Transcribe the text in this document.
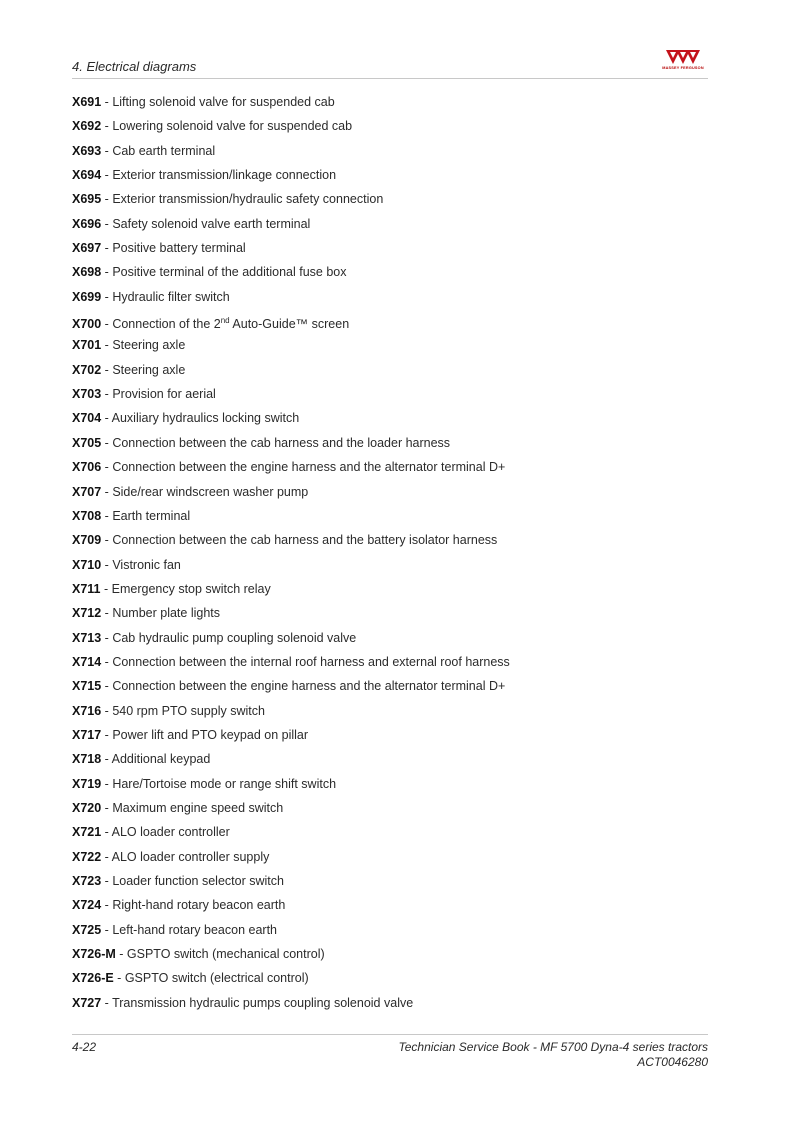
4. Electrical diagrams	MASSEY FERGUSON
X691 - Lifting solenoid valve for suspended cab
X692 - Lowering solenoid valve for suspended cab
X693 - Cab earth terminal
X694 - Exterior transmission/linkage connection
X695 - Exterior transmission/hydraulic safety connection
X696 - Safety solenoid valve earth terminal
X697 - Positive battery terminal
X698 - Positive terminal of the additional fuse box
X699 - Hydraulic filter switch
X700 - Connection of the 2nd Auto-Guide™ screen
X701 - Steering axle
X702 - Steering axle
X703 - Provision for aerial
X704 - Auxiliary hydraulics locking switch
X705 - Connection between the cab harness and the loader harness
X706 - Connection between the engine harness and the alternator terminal D+
X707 - Side/rear windscreen washer pump
X708 - Earth terminal
X709 - Connection between the cab harness and the battery isolator harness
X710 - Vistronic fan
X711 - Emergency stop switch relay
X712 - Number plate lights
X713 - Cab hydraulic pump coupling solenoid valve
X714 - Connection between the internal roof harness and external roof harness
X715 - Connection between the engine harness and the alternator terminal D+
X716 - 540 rpm PTO supply switch
X717 - Power lift and PTO keypad on pillar
X718 - Additional keypad
X719 - Hare/Tortoise mode or range shift switch
X720 - Maximum engine speed switch
X721 - ALO loader controller
X722 - ALO loader controller supply
X723 - Loader function selector switch
X724 - Right-hand rotary beacon earth
X725 - Left-hand rotary beacon earth
X726-M - GSPTO switch (mechanical control)
X726-E - GSPTO switch (electrical control)
X727 - Transmission hydraulic pumps coupling solenoid valve
4-22	Technician Service Book - MF 5700 Dyna-4 series tractors
ACT0046280
